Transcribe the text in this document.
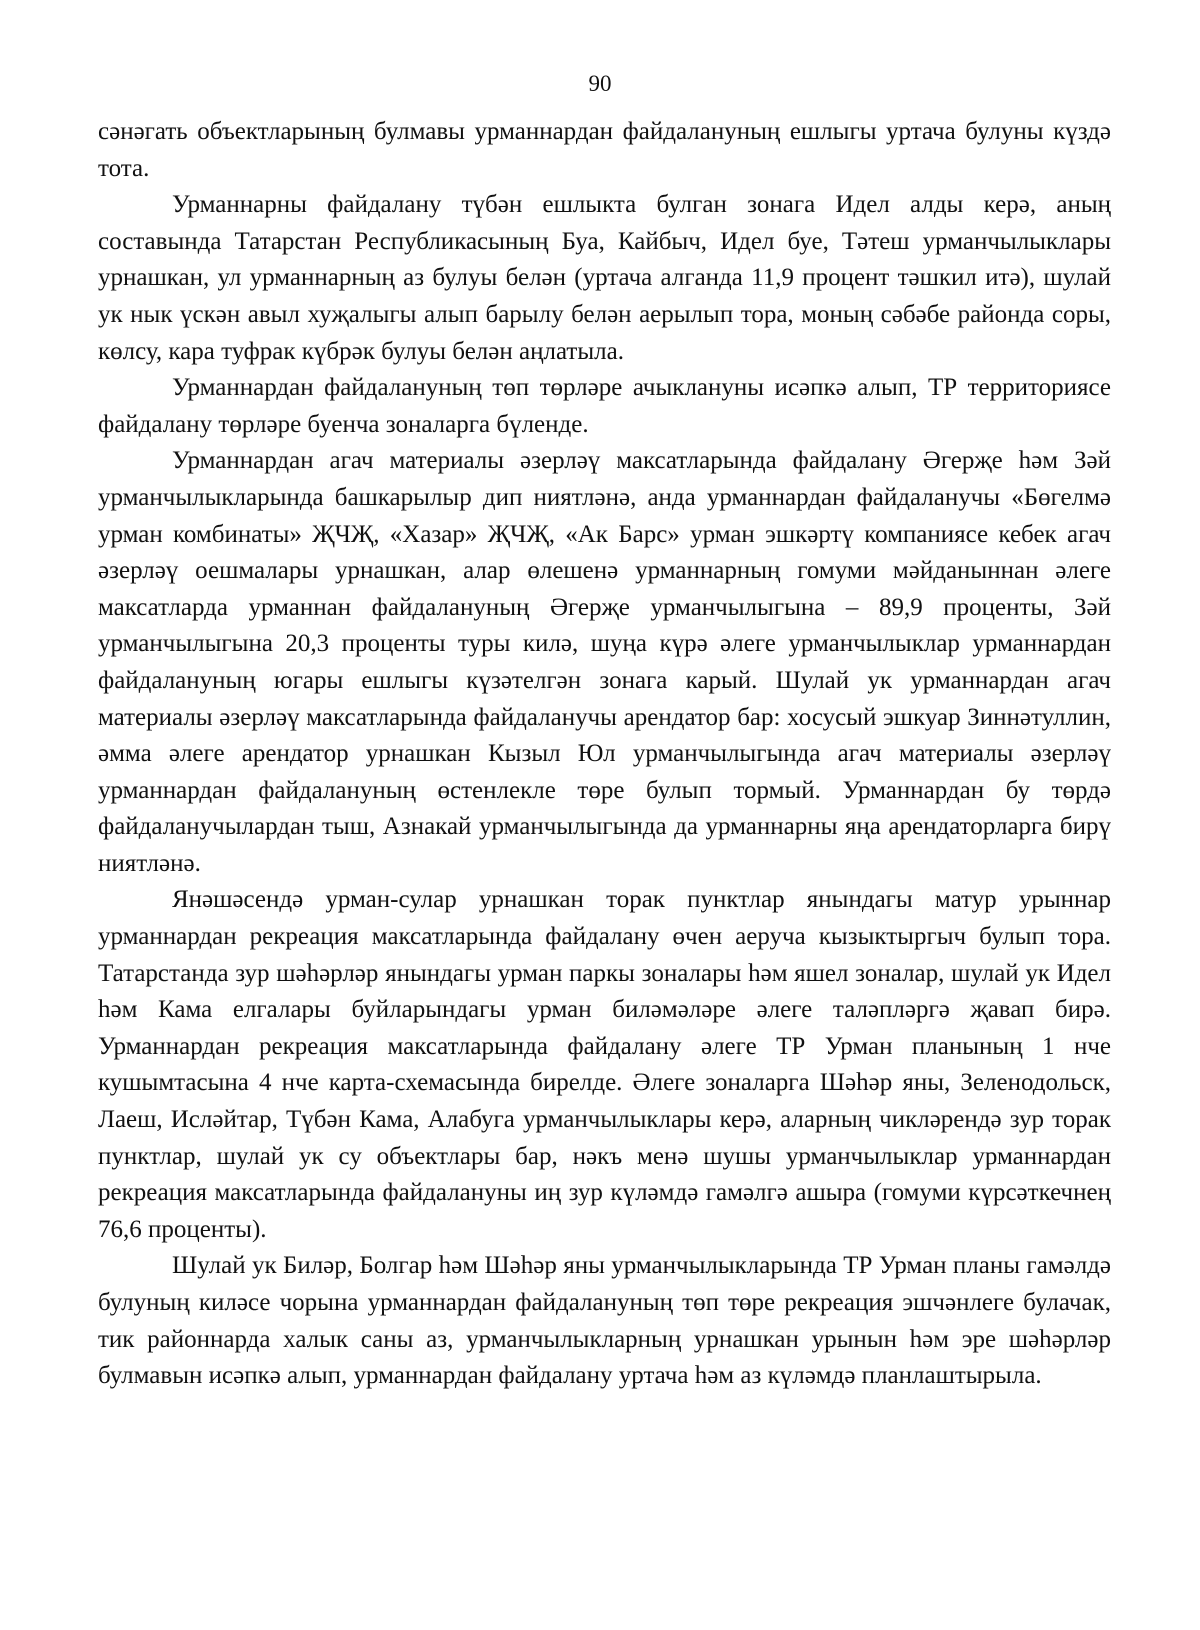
90

сәнәгать объектларының булмавы урманнардан файдалануның ешлыгы уртача булуны күздә тота.

Урманнарны файдалану түбән ешлыкта булган зонага Идел алды керә, аның составында Татарстан Республикасының Буа, Кайбыч, Идел буе, Тәтеш урманчылыклары урнашкан, ул урманнарның аз булуы белән (уртача алганда 11,9 процент тәшкил итә), шулай ук нык үскән авыл хуҗалыгы алып барылу белән аерылып тора, моның сәбәбе районда соры, көлсу, кара туфрак күбрәк булуы белән аңлатыла.

Урманнардан файдалануның төп төрләре ачыклануны исәпкә алып, ТР территориясе файдалану төрләре буенча зоналарга бүленде.

Урманнардан агач материалы әзерләү максатларында файдалану Әгерҗе һәм Зәй урманчылыкларында башкарылыр дип ниятләнә, анда урманнардан файдаланучы «Бөгелмә урман комбинаты» ҖЧҖ, «Хазар» ҖЧҖ, «Ак Барс» урман эшкәртү компаниясе кебек агач әзерләү оешмалары урнашкан, алар өлешенә урманнарның гомуми мәйданыннан әлеге максатларда урманнан файдалануның Әгерҗе урманчылыгына – 89,9 проценты, Зәй урманчылыгына 20,3 проценты туры килә, шуңа күрә әлеге урманчылыклар урманнардан файдалануның югары ешлыгы күзәтелгән зонага карый. Шулай ук урманнардан агач материалы әзерләү максатларында файдаланучы арендатор бар: хосусый эшкуар Зиннәтуллин, әмма әлеге арендатор урнашкан Кызыл Юл урманчылыгында агач материалы әзерләү урманнардан файдалануның өстенлекле төре булып тормый. Урманнардан бу төрдә файдаланучылардан тыш, Азнакай урманчылыгында да урманнарны яңа арендаторларга бирү ниятләнә.

Янәшәсендә урман-сулар урнашкан торак пунктлар янындагы матур урыннар урманнардан рекреация максатларында файдалану өчен аеруча кызыктыргыч булып тора. Татарстанда зур шәһәрләр янындагы урман паркы зоналары һәм яшел зоналар, шулай ук Идел һәм Кама елгалары буйларындагы урман биләмәләре әлеге таләпләргә җавап бирә. Урманнардан рекреация максатларында файдалану әлеге ТР Урман планының 1 нче кушымтасына 4 нче карта-схемасында бирелде. Әлеге зоналарга Шәһәр яны, Зеленодольск, Лаеш, Исләйтар, Түбән Кама, Алабуга урманчылыклары керә, аларның чикләрендә зур торак пунктлар, шулай ук су объектлары бар, нәкъ менә шушы урманчылыклар урманнардан рекреация максатларында файдалануны иң зур күләмдә гамәлгә ашыра (гомуми күрсәткечнең 76,6 проценты).

Шулай ук Биләр, Болгар һәм Шәһәр яны урманчылыкларында ТР Урман планы гамәлдә булуның киләсе чорына урманнардан файдалануның төп төре рекреация эшчәнлеге булачак, тик районнарда халык саны аз, урманчылыкларның урнашкан урынын һәм эре шәһәрләр булмавын исәпкә алып, урманнардан файдалану уртача һәм аз күләмдә планлаштырыла.
